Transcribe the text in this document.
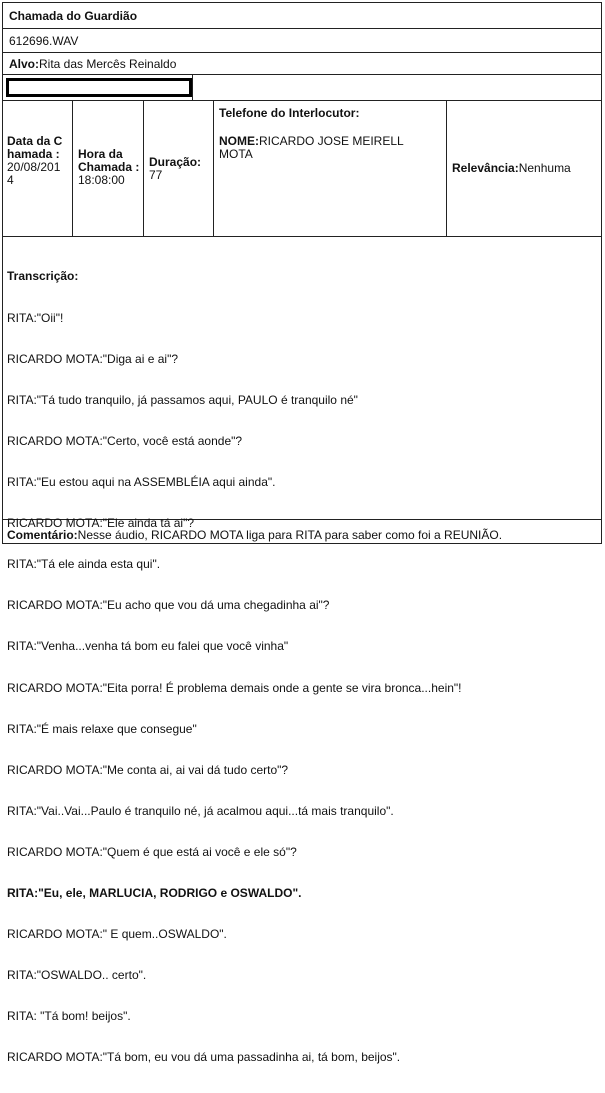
Chamada do Guardião
612696.WAV
Alvo:Rita das Mercês Reinaldo
Data da Chamada :
20/08/2014
Hora da Chamada : 18:08:00
Duração:
77
Telefone do Interlocutor:
NOME:RICARDO JOSE MEIRELL MOTA
Relevância:Nenhuma

Transcrição:

RITA:"Oii"!

RICARDO MOTA:"Diga ai e ai"?

RITA:"Tá tudo tranquilo, já passamos aqui, PAULO é tranquilo né"

RICARDO MOTA:"Certo, você está aonde"?

RITA:"Eu estou aqui na ASSEMBLÉIA aqui ainda".

RICARDO MOTA:"Ele ainda tá ai"?

RITA:"Tá ele ainda esta qui".

RICARDO MOTA:"Eu acho que vou dá uma chegadinha ai"?

RITA:"Venha...venha tá bom eu falei que você vinha"

RICARDO MOTA:"Eita porra! É problema demais onde a gente se vira bronca...hein"!

RITA:"É mais relaxe que consegue"

RICARDO MOTA:"Me conta ai, ai vai dá tudo certo"?

RITA:"Vai..Vai...Paulo é tranquilo né, já acalmou aqui...tá mais tranquilo".

RICARDO MOTA:"Quem é que está ai você e ele só"?

RITA:"Eu, ele, MARLUCIA, RODRIGO e OSWALDO".

RICARDO MOTA:" E quem..OSWALDO".

RITA:"OSWALDO.. certo".

RITA: "Tá bom! beijos".

RICARDO MOTA:"Tá bom, eu vou dá uma passadinha ai, tá bom, beijos".

Comentário:Nesse áudio, RICARDO MOTA liga para RITA para saber como foi a REUNIÃO.
